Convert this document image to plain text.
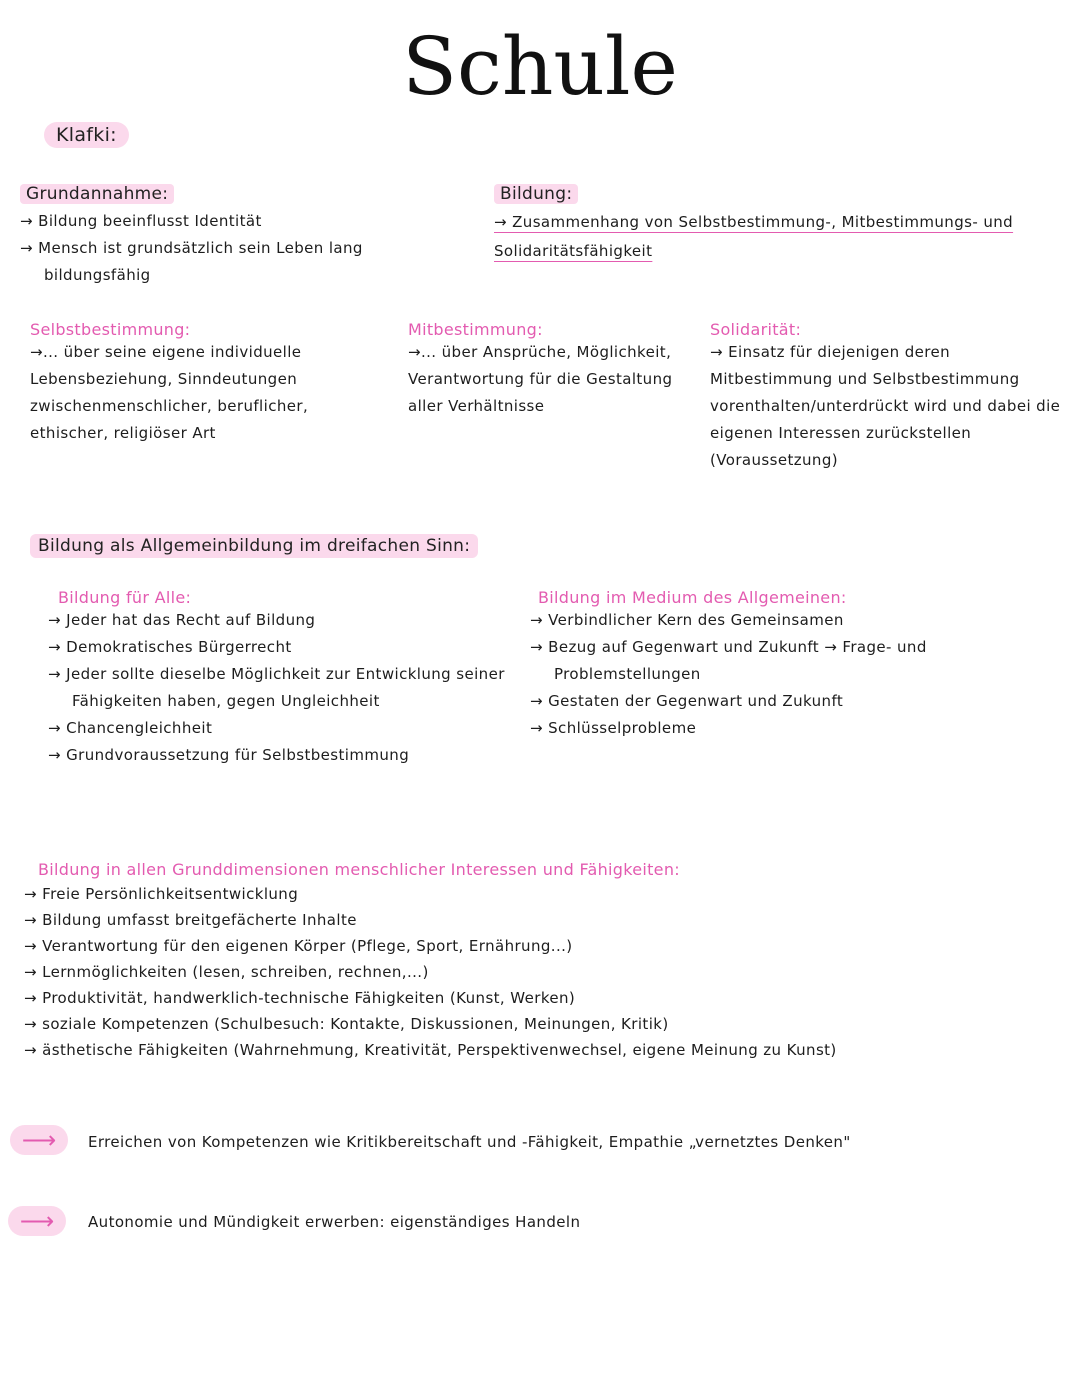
Schule
Klafki:
Grundannahme:

→ Bildung beeinflusst Identität

→ Mensch ist grundsätzlich sein Leben lang bildungsfähig

Bildung:

→ Zusammenhang von Selbstbestimmung-, Mitbestimmungs- und Solidaritätsfähigkeit

Selbstbestimmung:

→... über seine eigene individuelle Lebensbeziehung, Sinndeutungen zwischenmenschlicher, beruflicher, ethischer, religiöser Art

Mitbestimmung:

→... über Ansprüche, Möglichkeit, Verantwortung für die Gestaltung aller Verhältnisse

Solidarität:

→ Einsatz für diejenigen deren Mitbestimmung und Selbstbestimmung vorenthalten/unterdrückt wird und dabei die eigenen Interessen zurückstellen (Voraussetzung)

Bildung als Allgemeinbildung im dreifachen Sinn:
Bildung für Alle:

→ Jeder hat das Recht auf Bildung

→ Demokratisches Bürgerrecht

→ Jeder sollte dieselbe Möglichkeit zur Entwicklung seiner Fähigkeiten haben, gegen Ungleichheit

→ Chancengleichheit

→ Grundvoraussetzung für Selbstbestimmung

Bildung im Medium des Allgemeinen:

→ Verbindlicher Kern des Gemeinsamen

→ Bezug auf Gegenwart und Zukunft → Frage- und Problemstellungen

→ Gestaten der Gegenwart und Zukunft

→ Schlüsselprobleme

Bildung in allen Grunddimensionen menschlicher Interessen und Fähigkeiten:

→ Freie Persönlichkeitsentwicklung

→ Bildung umfasst breitgefächerte Inhalte

→ Verantwortung für den eigenen Körper (Pflege, Sport, Ernährung...)

→ Lernmöglichkeiten (lesen, schreiben, rechnen,...)

→ Produktivität, handwerklich-technische Fähigkeiten (Kunst, Werken)

→ soziale Kompetenzen (Schulbesuch: Kontakte, Diskussionen, Meinungen, Kritik)

→ ästhetische Fähigkeiten (Wahrnehmung, Kreativität, Perspektivenwechsel, eigene Meinung zu Kunst)

⟶	Erreichen von Kompetenzen wie Kritikbereitschaft und -Fähigkeit, Empathie „vernetztes Denken"

⟶	Autonomie und Mündigkeit erwerben: eigenständiges Handeln
